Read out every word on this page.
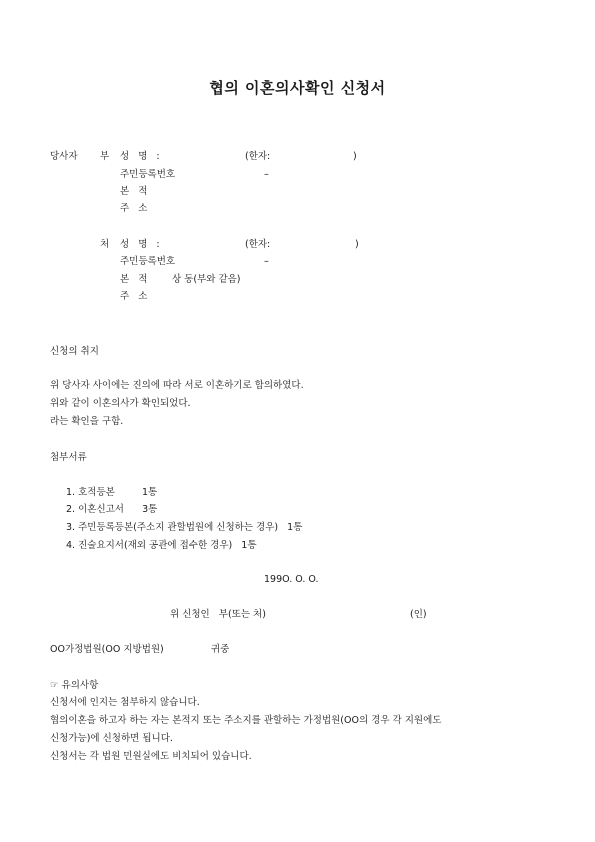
협의 이혼의사확인 신청서
당사자 부 성 명 :	(한자:	)
주민등록번호	–
본 적
주 소
처 성 명 :	(한자:	)
주민등록번호	–
본 적 상 동(부와 같음)
주 소
신청의 취지
위 당사자 사이에는 진의에 따라 서로 이혼하기로 합의하였다.
위와 같이 이혼의사가 확인되었다.
라는 확인을 구함.
첨부서류
1. 호적등본         1통
2. 이혼신고서      3통
3. 주민등록등본(주소지 관할법원에 신청하는 경우)   1통
4. 진술요지서(재외 공관에 접수한 경우)   1통
199O. O. O.
위 신청인   부(또는 처)	(인)
OO가정법원(OO 지방법원)	귀중
☞ 유의사항
신청서에 인지는 첨부하지 않습니다.
협의이혼을 하고자 하는 자는 본적지 또는 주소지를 관할하는 가정법원(OO의 경우 각 지원에도
신청가능)에 신청하면 됩니다.
신청서는 각 법원 민원실에도 비치되어 있습니다.
